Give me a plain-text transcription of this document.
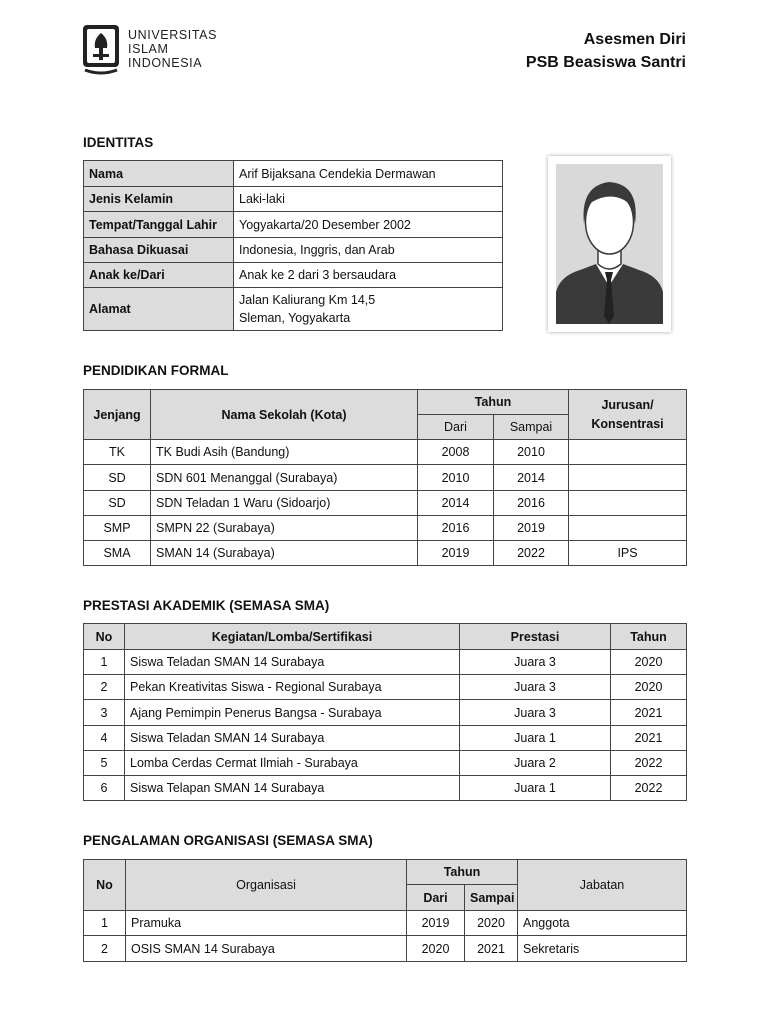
UNIVERSITAS
ISLAM
INDONESIA
Asesmen Diri
PSB Beasiswa Santri
IDENTITAS
Nama	Arif Bijaksana Cendekia Dermawan
Jenis Kelamin	Laki-laki
Tempat/Tanggal Lahir	Yogyakarta/20 Desember 2002
Bahasa Dikuasai	Indonesia, Inggris, dan Arab
Anak ke/Dari	Anak ke 2 dari 3 bersaudara
Alamat	Jalan Kaliurang Km 14,5
Sleman, Yogyakarta
PENDIDIKAN FORMAL
Jenjang	Nama Sekolah (Kota)	Tahun		Jurusan/
Konsentrasi

		Dari	Sampai	
TK	TK Budi Asih (Bandung)	2008	2010	
SD	SDN 601 Menanggal (Surabaya)	2010	2014	
SD	SDN Teladan 1 Waru (Sidoarjo)	2014	2016	
SMP	SMPN 22 (Surabaya)	2016	2019	
SMA	SMAN 14 (Surabaya)	2019	2022	IPS
PRESTASI AKADEMIK (SEMASA SMA)
No	Kegiatan/Lomba/Sertifikasi	Prestasi	Tahun
1	Siswa Teladan SMAN 14 Surabaya	Juara 3	2020
2	Pekan Kreativitas Siswa - Regional Surabaya	Juara 3	2020
3	Ajang Pemimpin Penerus Bangsa - Surabaya	Juara 3	2021
4	Siswa Teladan SMAN 14 Surabaya	Juara 1	2021
5	Lomba Cerdas Cermat Ilmiah - Surabaya	Juara 2	2022
6	Siswa Telapan SMAN 14 Surabaya	Juara 1	2022
PENGALAMAN ORGANISASI (SEMASA SMA)
No	Organisasi	Tahun		Jabatan
		Dari	Sampai	
1	Pramuka	2019	2020	Anggota
2	OSIS SMAN 14 Surabaya	2020	2021	Sekretaris
